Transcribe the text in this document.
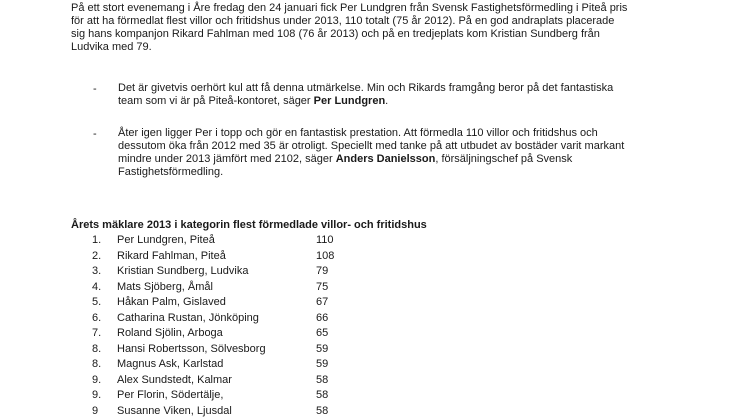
På ett stort evenemang i Åre fredag den 24 januari fick Per Lundgren från Svensk Fastighetsförmedling i Piteå pris
för att ha förmedlat flest villor och fritidshus under 2013, 110 totalt (75 år 2012). På en god andraplats placerade
sig hans kompanjon Rikard Fahlman med 108 (76 år 2013) och på en tredjeplats kom Kristian Sundberg från
Ludvika med 79.
- Det är givetvis oerhört kul att få denna utmärkelse. Min och Rikards framgång beror på det fantastiska
team som vi är på Piteå-kontoret, säger Per Lundgren.
- Åter igen ligger Per i topp och gör en fantastisk prestation. Att förmedla 110 villor och fritidshus och
dessutom öka från 2012 med 35 är otroligt. Speciellt med tanke på att utbudet av bostäder varit markant
mindre under 2013 jämfört med 2102, säger Anders Danielsson, försäljningschef på Svensk
Fastighetsförmedling.
Årets mäklare 2013 i kategorin flest förmedlade villor- och fritidshus
1.	Per Lundgren, Piteå	110
2.	Rikard Fahlman, Piteå	108
3.	Kristian Sundberg, Ludvika	79
4.	Mats Sjöberg, Åmål	75
5.	Håkan Palm, Gislaved	67
6.	Catharina Rustan, Jönköping	66
7.	Roland Sjölin, Arboga	65
8.	Hansi Robertsson, Sölvesborg	59
8.	Magnus Ask, Karlstad	59
9.	Alex Sundstedt, Kalmar	58
9.	Per Florin, Södertälje,	58
9	Susanne Viken, Ljusdal	58
